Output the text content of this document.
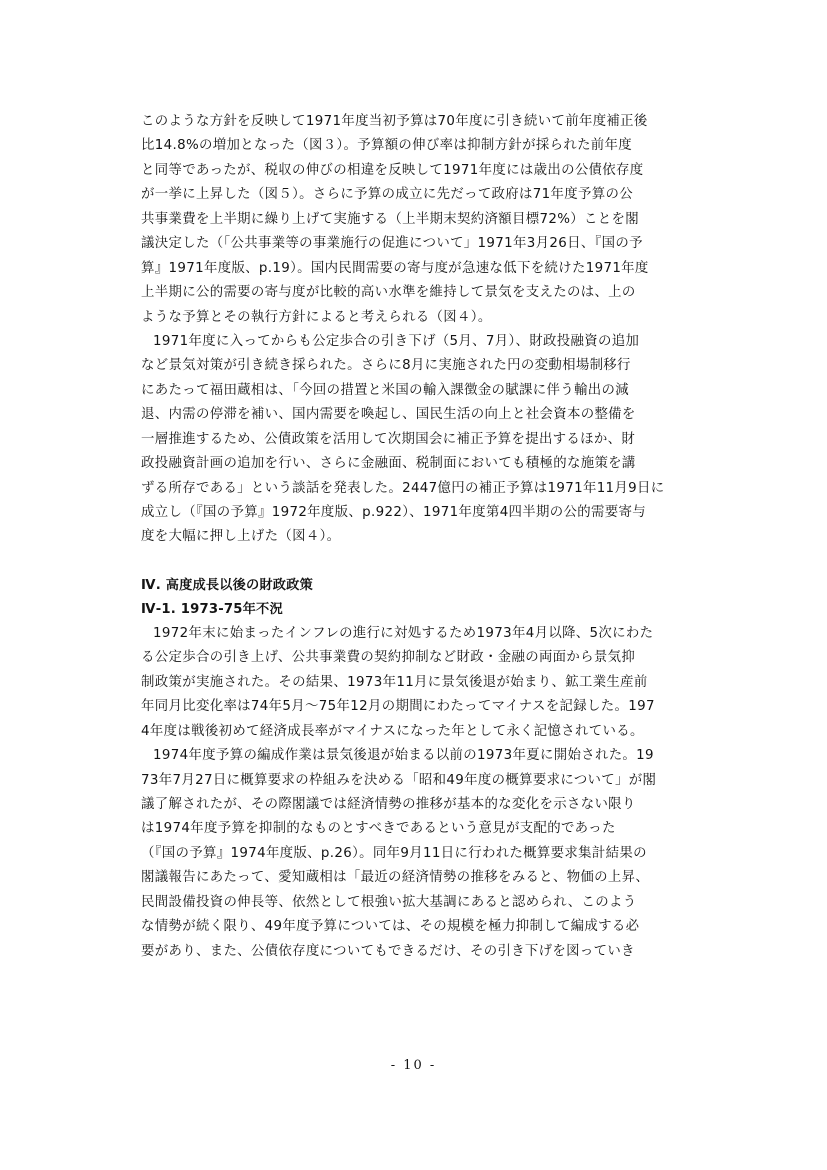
このような方針を反映して1971年度当初予算は70年度に引き続いて前年度補正後
比14.8%の増加となった（図３）。予算額の伸び率は抑制方針が採られた前年度
と同等であったが、税収の伸びの相違を反映して1971年度には歳出の公債依存度
が一挙に上昇した（図５）。さらに予算の成立に先だって政府は71年度予算の公
共事業費を上半期に繰り上げて実施する（上半期末契約済額目標72%）ことを閣
議決定した（「公共事業等の事業施行の促進について」1971年3月26日、『国の予
算』1971年度版、p.19）。国内民間需要の寄与度が急速な低下を続けた1971年度
上半期に公的需要の寄与度が比較的高い水準を維持して景気を支えたのは、上の
ような予算とその執行方針によると考えられる（図４）。
1971年度に入ってからも公定歩合の引き下げ（5月、7月）、財政投融資の追加
など景気対策が引き続き採られた。さらに8月に実施された円の変動相場制移行
にあたって福田蔵相は、「今回の措置と米国の輸入課徴金の賦課に伴う輸出の減
退、内需の停滞を補い、国内需要を喚起し、国民生活の向上と社会資本の整備を
一層推進するため、公債政策を活用して次期国会に補正予算を提出するほか、財
政投融資計画の追加を行い、さらに金融面、税制面においても積極的な施策を講
ずる所存である」という談話を発表した。2447億円の補正予算は1971年11月9日に
成立し（『国の予算』1972年度版、p.922）、1971年度第4四半期の公的需要寄与
度を大幅に押し上げた（図４）。
Ⅳ. 高度成長以後の財政政策
Ⅳ-1. 1973-75年不況
1972年末に始まったインフレの進行に対処するため1973年4月以降、5次にわた
る公定歩合の引き上げ、公共事業費の契約抑制など財政・金融の両面から景気抑
制政策が実施された。その結果、1973年11月に景気後退が始まり、鉱工業生産前
年同月比変化率は74年5月〜75年12月の期間にわたってマイナスを記録した。197
4年度は戦後初めて経済成長率がマイナスになった年として永く記憶されている。
1974年度予算の編成作業は景気後退が始まる以前の1973年夏に開始された。19
73年7月27日に概算要求の枠組みを決める「昭和49年度の概算要求について」が閣
議了解されたが、その際閣議では経済情勢の推移が基本的な変化を示さない限り
は1974年度予算を抑制的なものとすべきであるという意見が支配的であった
（『国の予算』1974年度版、p.26）。同年9月11日に行われた概算要求集計結果の
閣議報告にあたって、愛知蔵相は「最近の経済情勢の推移をみると、物価の上昇、
民間設備投資の伸長等、依然として根強い拡大基調にあると認められ、このよう
な情勢が続く限り、49年度予算については、その規模を極力抑制して編成する必
要があり、また、公債依存度についてもできるだけ、その引き下げを図っていき
- 10 -
